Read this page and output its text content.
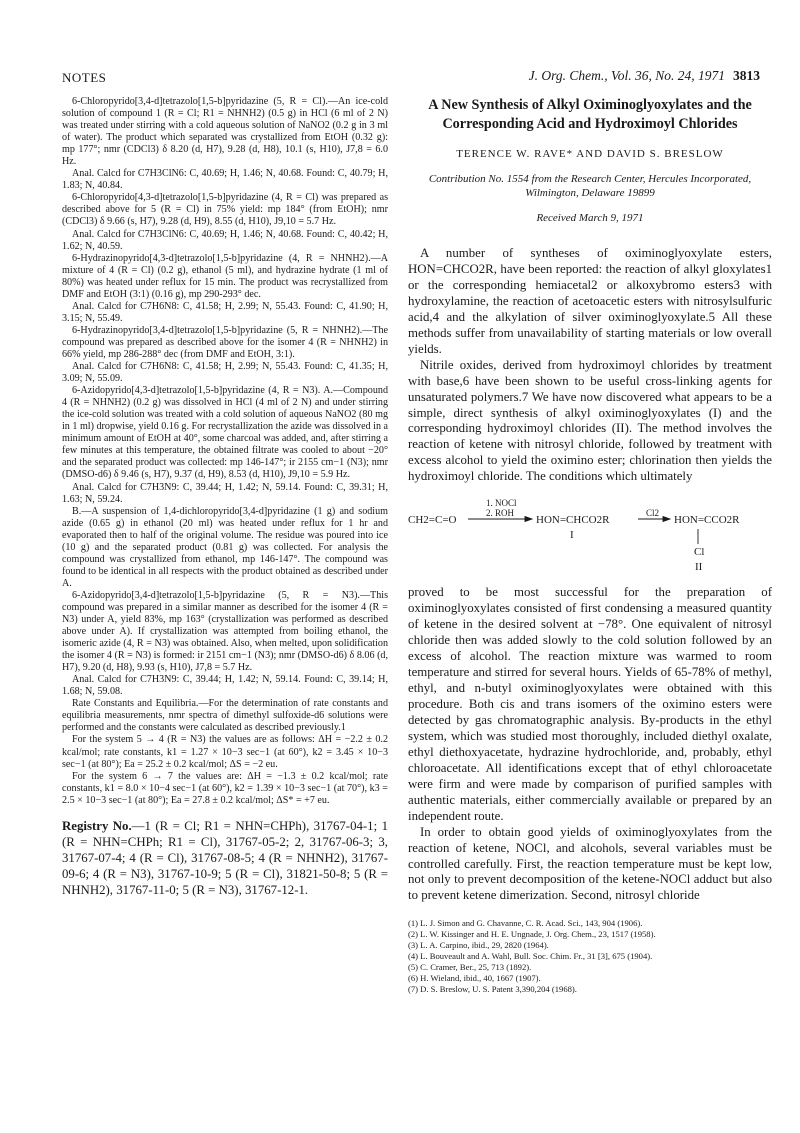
NOTES	J. Org. Chem., Vol. 36, No. 24, 1971 3813

6-Chloropyrido[3,4-d]tetrazolo[1,5-b]pyridazine (5, R = Cl).—An ice-cold solution of compound 1 (R = Cl; R1 = NHNH2) (0.5 g) in HCl (6 ml of 2 N) was treated under stirring with a cold aqueous solution of NaNO2 (0.2 g in 3 ml of water). The product which separated was crystallized from EtOH (0.32 g): mp 177°; nmr (CDCl3) δ 8.20 (d, H7), 9.28 (d, H8), 10.1 (s, H10), J7,8 = 6.0 Hz.

Anal. Calcd for C7H3ClN6: C, 40.69; H, 1.46; N, 40.68. Found: C, 40.79; H, 1.83; N, 40.84.

6-Chloropyrido[4,3-d]tetrazolo[1,5-b]pyridazine (4, R = Cl) was prepared as described above for 5 (R = Cl) in 75% yield: mp 184° (from EtOH); nmr (CDCl3) δ 9.66 (s, H7), 9.28 (d, H9), 8.55 (d, H10), J9,10 = 5.7 Hz.

Anal. Calcd for C7H3ClN6: C, 40.69; H, 1.46; N, 40.68. Found: C, 40.42; H, 1.62; N, 40.59.

6-Hydrazinopyrido[4,3-d]tetrazolo[1,5-b]pyridazine (4, R = NHNH2).—A mixture of 4 (R = Cl) (0.2 g), ethanol (5 ml), and hydrazine hydrate (1 ml of 80%) was heated under reflux for 15 min. The product was recrystallized from DMF and EtOH (3:1) (0.16 g), mp 290-293° dec.

Anal. Calcd for C7H6N8: C, 41.58; H, 2.99; N, 55.43. Found: C, 41.90; H, 3.15; N, 55.49.

6-Hydrazinopyrido[3,4-d]tetrazolo[1,5-b]pyridazine (5, R = NHNH2).—The compound was prepared as described above for the isomer 4 (R = NHNH2) in 66% yield, mp 286-288° dec (from DMF and EtOH, 3:1).

Anal. Calcd for C7H6N8: C, 41.58; H, 2.99; N, 55.43. Found: C, 41.35; H, 3.09; N, 55.09.

6-Azidopyrido[4,3-d]tetrazolo[1,5-b]pyridazine (4, R = N3). A.—Compound 4 (R = NHNH2) (0.2 g) was dissolved in HCl (4 ml of 2 N) and under stirring the ice-cold solution was treated with a cold solution of aqueous NaNO2 (80 mg in 1 ml) dropwise, yield 0.16 g. For recrystallization the azide was dissolved in a minimum amount of EtOH at 40°, some charcoal was added, and, after stirring a few minutes at this temperature, the obtained filtrate was cooled to about −20° and the separated product was collected: mp 146-147°; ir 2155 cm−1 (N3); nmr (DMSO-d6) δ 9.46 (s, H7), 9.37 (d, H9), 8.53 (d, H10), J9,10 = 5.9 Hz.

Anal. Calcd for C7H3N9: C, 39.44; H, 1.42; N, 59.14. Found: C, 39.31; H, 1.63; N, 59.24.

B.—A suspension of 1,4-dichloropyrido[3,4-d]pyridazine (1 g) and sodium azide (0.65 g) in ethanol (20 ml) was heated under reflux for 1 hr and evaporated then to half of the original volume. The residue was poured into ice (10 g) and the separated product (0.81 g) was collected. For analysis the compound was crystallized from ethanol, mp 146-147°. The compound was found to be identical in all respects with the product obtained as described under A.

6-Azidopyrido[3,4-d]tetrazolo[1,5-b]pyridazine (5, R = N3).—This compound was prepared in a similar manner as described for the isomer 4 (R = N3) under A, yield 83%, mp 163° (crystallization was performed as described above under A). If crystallization was attempted from boiling ethanol, the isomeric azide (4, R = N3) was obtained. Also, when melted, upon solidification the isomer 4 (R = N3) is formed: ir 2151 cm−1 (N3); nmr (DMSO-d6) δ 8.06 (d, H7), 9.20 (d, H8), 9.93 (s, H10), J7,8 = 5.7 Hz.

Anal. Calcd for C7H3N9: C, 39.44; H, 1.42; N, 59.14. Found: C, 39.14; H, 1.68; N, 59.08.

Rate Constants and Equilibria.—For the determination of rate constants and equilibria measurements, nmr spectra of dimethyl sulfoxide-d6 solutions were performed and the constants were calculated as described previously.1

For the system 5 → 4 (R = N3) the values are as follows: ΔH = −2.2 ± 0.2 kcal/mol; rate constants, k1 = 1.27 × 10−3 sec−1 (at 60°), k2 = 3.45 × 10−3 sec−1 (at 80°); Ea = 25.2 ± 0.2 kcal/mol; ΔS = −2 eu.

For the system 6 → 7 the values are: ΔH = −1.3 ± 0.2 kcal/mol; rate constants, k1 = 8.0 × 10−4 sec−1 (at 60°), k2 = 1.39 × 10−3 sec−1 (at 70°), k3 = 2.5 × 10−3 sec−1 (at 80°); Ea = 27.8 ± 0.2 kcal/mol; ΔS* = +7 eu.

Registry No.—1 (R = Cl; R1 = NHN=CHPh), 31767-04-1; 1 (R = NHN=CHPh; R1 = Cl), 31767-05-2; 2, 31767-06-3; 3, 31767-07-4; 4 (R = Cl), 31767-08-5; 4 (R = NHNH2), 31767-09-6; 4 (R = N3), 31767-10-9; 5 (R = Cl), 31821-50-8; 5 (R = NHNH2), 31767-11-0; 5 (R = N3), 31767-12-1.

A New Synthesis of Alkyl Oximinoglyoxylates and the Corresponding Acid and Hydroximoyl Chlorides
TERENCE W. RAVE* AND DAVID S. BRESLOW
Contribution No. 1554 from the Research Center, Hercules Incorporated, Wilmington, Delaware 19899
Received March 9, 1971

A number of syntheses of oximinoglyoxylate esters, HON=CHCO2R, have been reported: the reaction of alkyl gloxylates1 or the corresponding hemiacetal2 or alkoxybromo esters3 with hydroxylamine, the reaction of acetoacetic esters with nitrosylsulfuric acid,4 and the alkylation of silver oximinoglyoxylate.5 All these methods suffer from unavailability of starting materials or low overall yields.

Nitrile oxides, derived from hydroximoyl chlorides by treatment with base,6 have been shown to be useful cross-linking agents for unsaturated polymers.7 We have now discovered what appears to be a simple, direct synthesis of alkyl oximinoglyoxylates (I) and the corresponding hydroximoyl chlorides (II). The method involves the reaction of ketene with nitrosyl chloride, followed by treatment with excess alcohol to yield the oximino ester; chlorination then yields the hydroximoyl chloride. The conditions which ultimately

CH2=C=O
1. NOCl
2. ROH
HON=CHCO2R
I
Cl2
HON=CCO2R
Cl
II

proved to be most successful for the preparation of oximinoglyoxylates consisted of first condensing a measured quantity of ketene in the desired solvent at −78°. One equivalent of nitrosyl chloride then was added slowly to the cold solution followed by an excess of alcohol. The reaction mixture was warmed to room temperature and stirred for several hours. Yields of 65-78% of methyl, ethyl, and n-butyl oximinoglyoxylates were obtained with this procedure. Both cis and trans isomers of the oximino esters were detected by gas chromatographic analysis. By-products in the ethyl system, which was studied most thoroughly, included diethyl oxalate, ethyl diethoxyacetate, hydrazine hydrochloride, and, probably, ethyl chloroacetate. All identifications except that of ethyl chloroacetate were firm and were made by comparison of purified samples with authentic materials, either commercially available or prepared by an independent route.

In order to obtain good yields of oximinoglyoxylates from the reaction of ketene, NOCl, and alcohols, several variables must be controlled carefully. First, the reaction temperature must be kept low, not only to prevent decomposition of the ketene-NOCl adduct but also to prevent ketene dimerization. Second, nitrosyl chloride

(1) L. J. Simon and G. Chavanne, C. R. Acad. Sci., 143, 904 (1906).
(2) L. W. Kissinger and H. E. Ungnade, J. Org. Chem., 23, 1517 (1958).
(3) L. A. Carpino, ibid., 29, 2820 (1964).
(4) L. Bouveault and A. Wahl, Bull. Soc. Chim. Fr., 31 [3], 675 (1904).
(5) C. Cramer, Ber., 25, 713 (1892).
(6) H. Wieland, ibid., 40, 1667 (1907).
(7) D. S. Breslow, U. S. Patent 3,390,204 (1968).
